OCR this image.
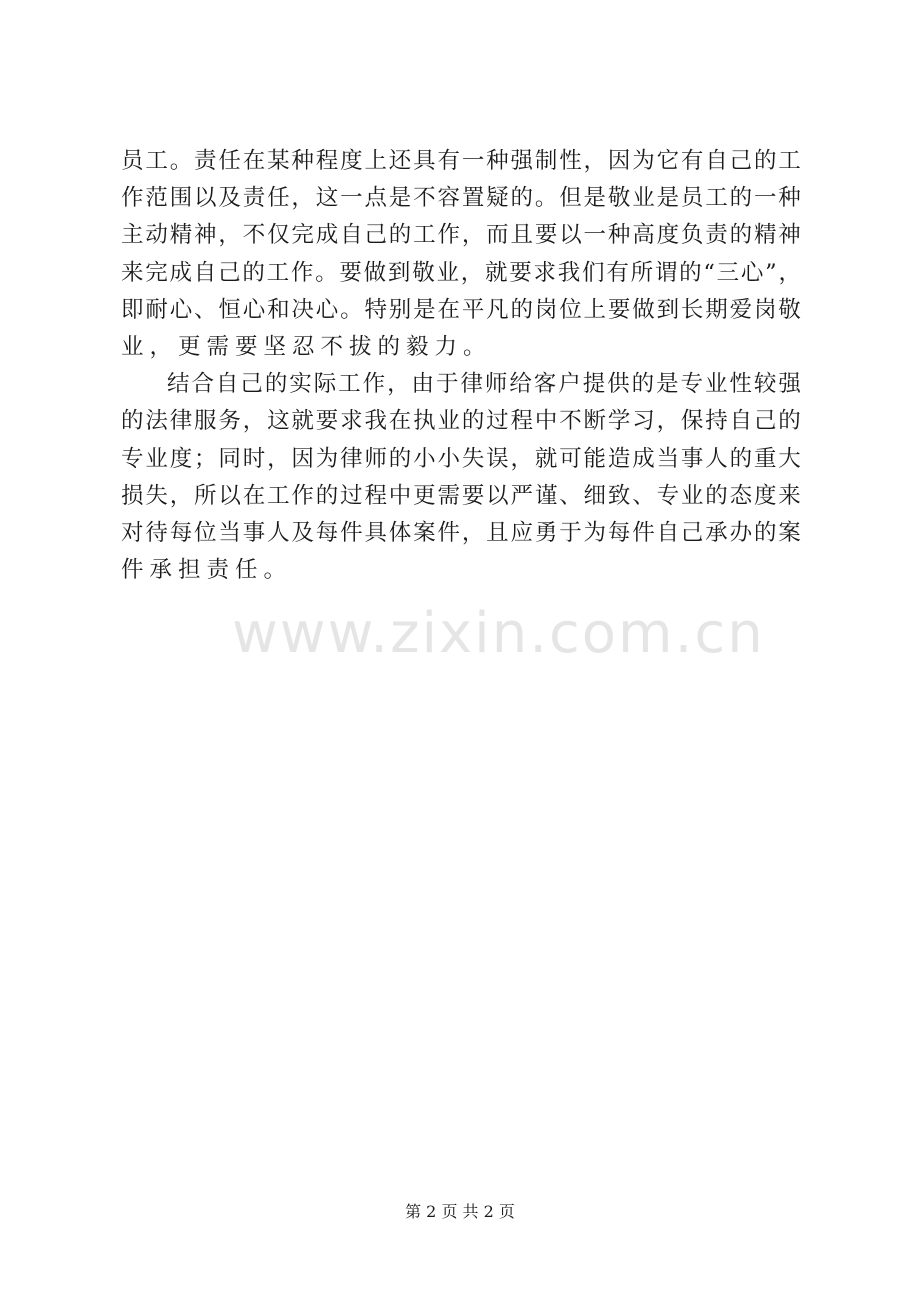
员 工 。 责 任 在 某 种 程 度 上 还 具 有 一 种 强 制 性 ， 因 为 它 有 自 己 的 工
作 范 围 以 及 责 任 ， 这 一 点 是 不 容 置 疑 的 。 但 是 敬 业 是 员 工 的 一 种
主 动 精 神 ， 不 仅 完 成 自 己 的 工 作 ， 而 且 要 以 一 种 高 度 负 责 的 精 神
来 完 成 自 己 的 工 作 。 要 做 到 敬 业 ， 就 要 求 我 们 有 所 谓 的 “ 三 心 ” ，
即 耐 心 、 恒 心 和 决 心 。 特 别 是 在 平 凡 的 岗 位 上 要 做 到 长 期 爱 岗 敬
业，更需要坚忍不拔的毅力。
结 合 自 己 的 实 际 工 作 ， 由 于 律 师 给 客 户 提 供 的 是 专 业 性 较 强
的 法 律 服 务 ， 这 就 要 求 我 在 执 业 的 过 程 中 不 断 学 习 ， 保 持 自 己 的
专 业 度 ； 同 时 ， 因 为 律 师 的 小 小 失 误 ， 就 可 能 造 成 当 事 人 的 重 大
损 失 ， 所 以 在 工 作 的 过 程 中 更 需 要 以 严 谨 、 细 致 、 专 业 的 态 度 来
对 待 每 位 当 事 人 及 每 件 具 体 案 件 ， 且 应 勇 于 为 每 件 自 己 承 办 的 案
件承担责任。
www.zixin.com.cn
第 2 页 共 2 页
